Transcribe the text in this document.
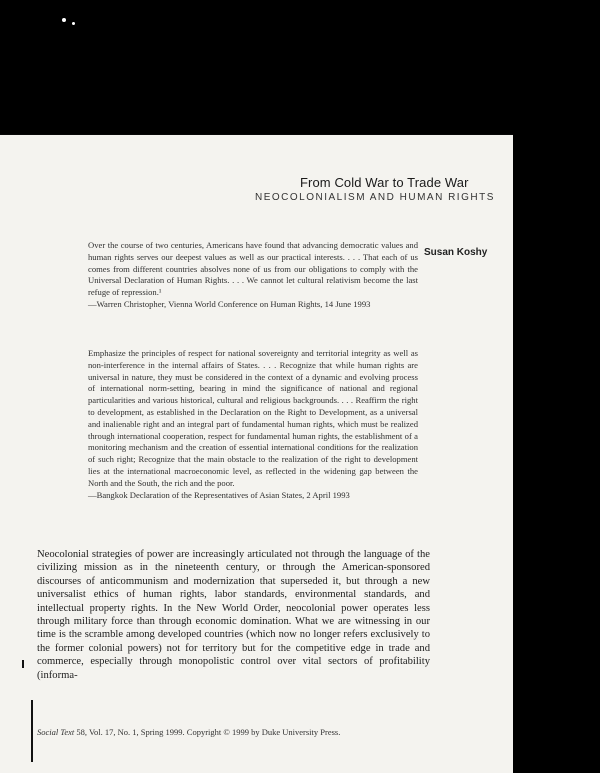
From Cold War to Trade War
NEOCOLONIALISM AND HUMAN RIGHTS
Susan Koshy

Over the course of two centuries, Americans have found that advancing democratic values and human rights serves our deepest values as well as our practical interests. . . . That each of us comes from different countries absolves none of us from our obligations to comply with the Universal Declaration of Human Rights. . . . We cannot let cultural relativism become the last refuge of repression.¹

—Warren Christopher, Vienna World Conference on Human Rights, 14 June 1993

Emphasize the principles of respect for national sovereignty and territorial integrity as well as non-interference in the internal affairs of States. . . . Recognize that while human rights are universal in nature, they must be considered in the context of a dynamic and evolving process of international norm-setting, bearing in mind the significance of national and regional particularities and various historical, cultural and religious backgrounds. . . . Reaffirm the right to development, as established in the Declaration on the Right to Development, as a universal and inalienable right and an integral part of fundamental human rights, which must be realized through international cooperation, respect for fundamental human rights, the establishment of a monitoring mechanism and the creation of essential international conditions for the realization of such right; Recognize that the main obstacle to the realization of the right to development lies at the international macroeconomic level, as reflected in the widening gap between the North and the South, the rich and the poor.

—Bangkok Declaration of the Representatives of Asian States, 2 April 1993

Neocolonial strategies of power are increasingly articulated not through the language of the civilizing mission as in the nineteenth century, or through the American-sponsored discourses of anticommunism and modernization that superseded it, but through a new universalist ethics of human rights, labor standards, environmental standards, and intellectual property rights. In the New World Order, neocolonial power operates less through military force than through economic domination. What we are witnessing in our time is the scramble among developed countries (which now no longer refers exclusively to the former colonial powers) not for territory but for the competitive edge in trade and commerce, especially through monopolistic control over vital sectors of profitability (informa-

Social Text 58, Vol. 17, No. 1, Spring 1999. Copyright © 1999 by Duke University Press.
